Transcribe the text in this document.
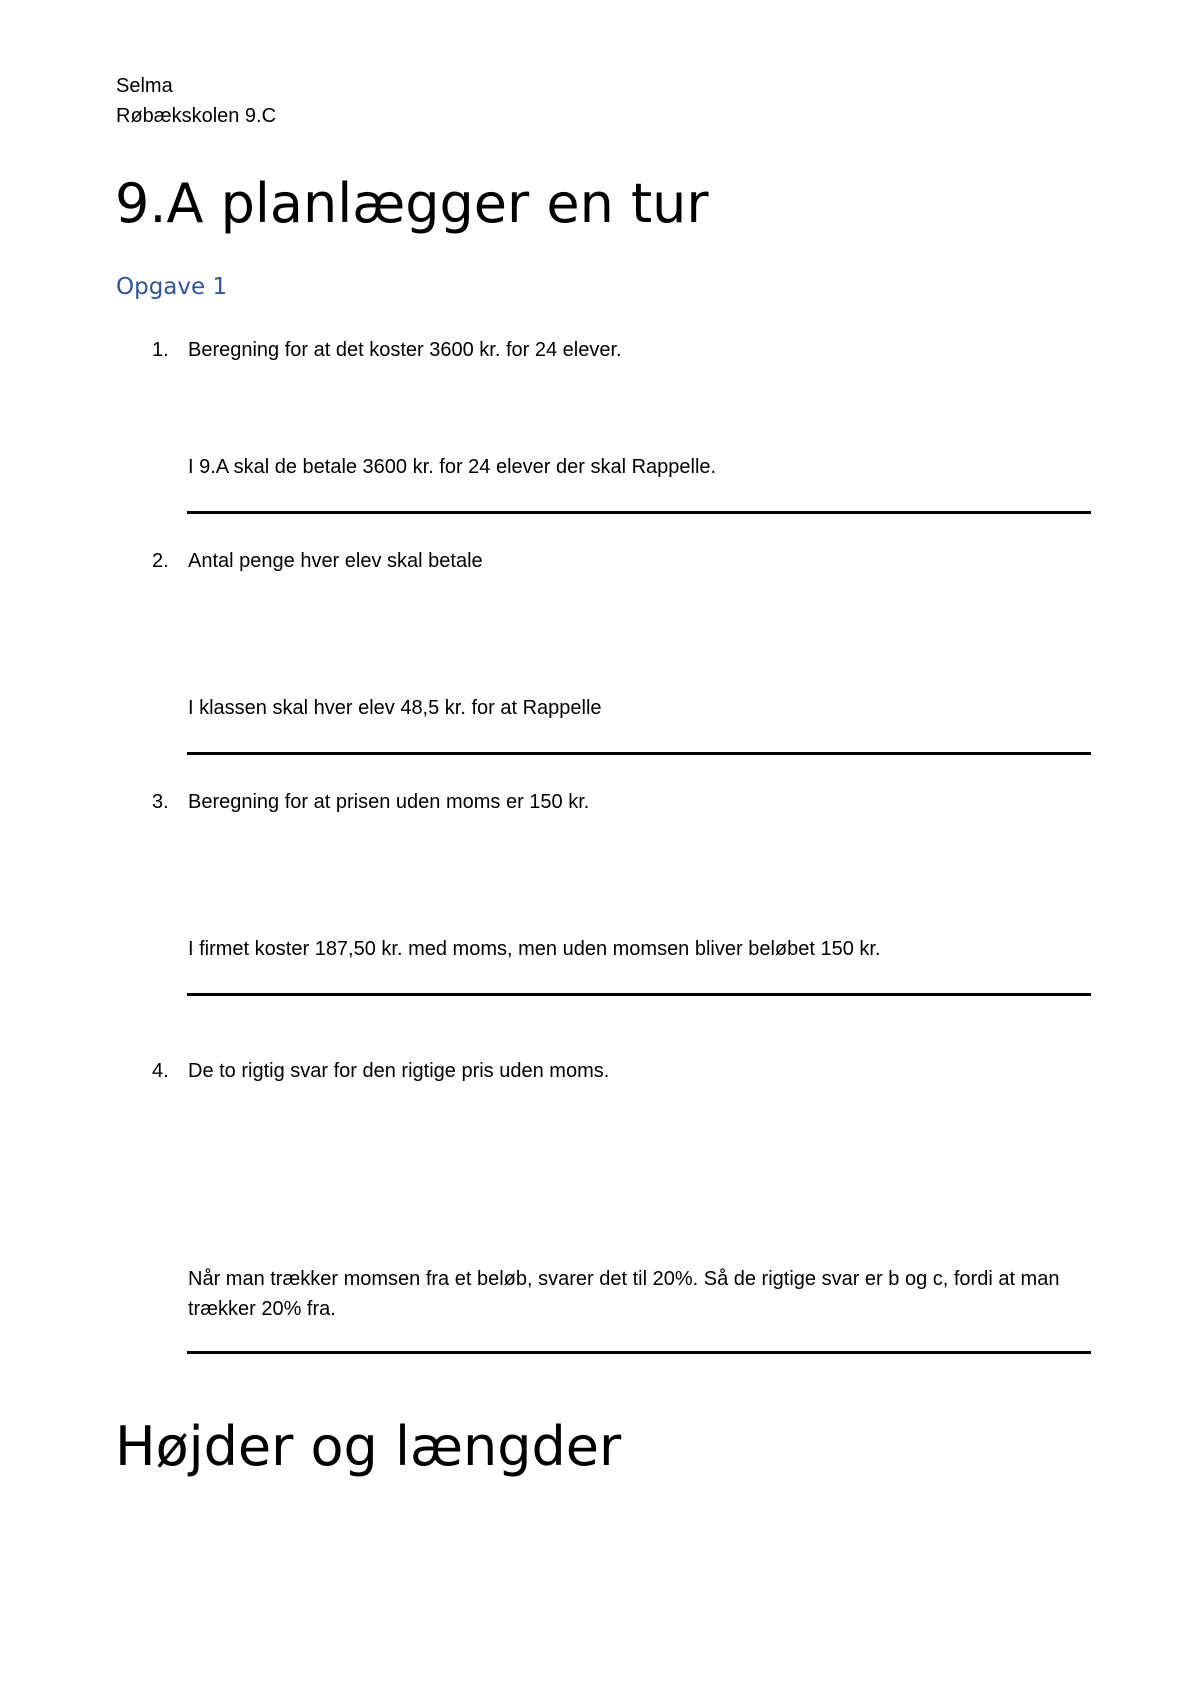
Selma
Røbækskolen 9.C
9.A planlægger en tur
Opgave 1
1. Beregning for at det koster 3600 kr. for 24 elever.
I 9.A skal de betale 3600 kr. for 24 elever der skal Rappelle.
2. Antal penge hver elev skal betale
I klassen skal hver elev 48,5 kr. for at Rappelle
3. Beregning for at prisen uden moms er 150 kr.
I firmet koster 187,50 kr. med moms, men uden momsen bliver beløbet 150 kr.
4. De to rigtig svar for den rigtige pris uden moms.
Når man trækker momsen fra et beløb, svarer det til 20%. Så de rigtige svar er b og c, fordi at man trækker 20% fra.
Højder og længder
